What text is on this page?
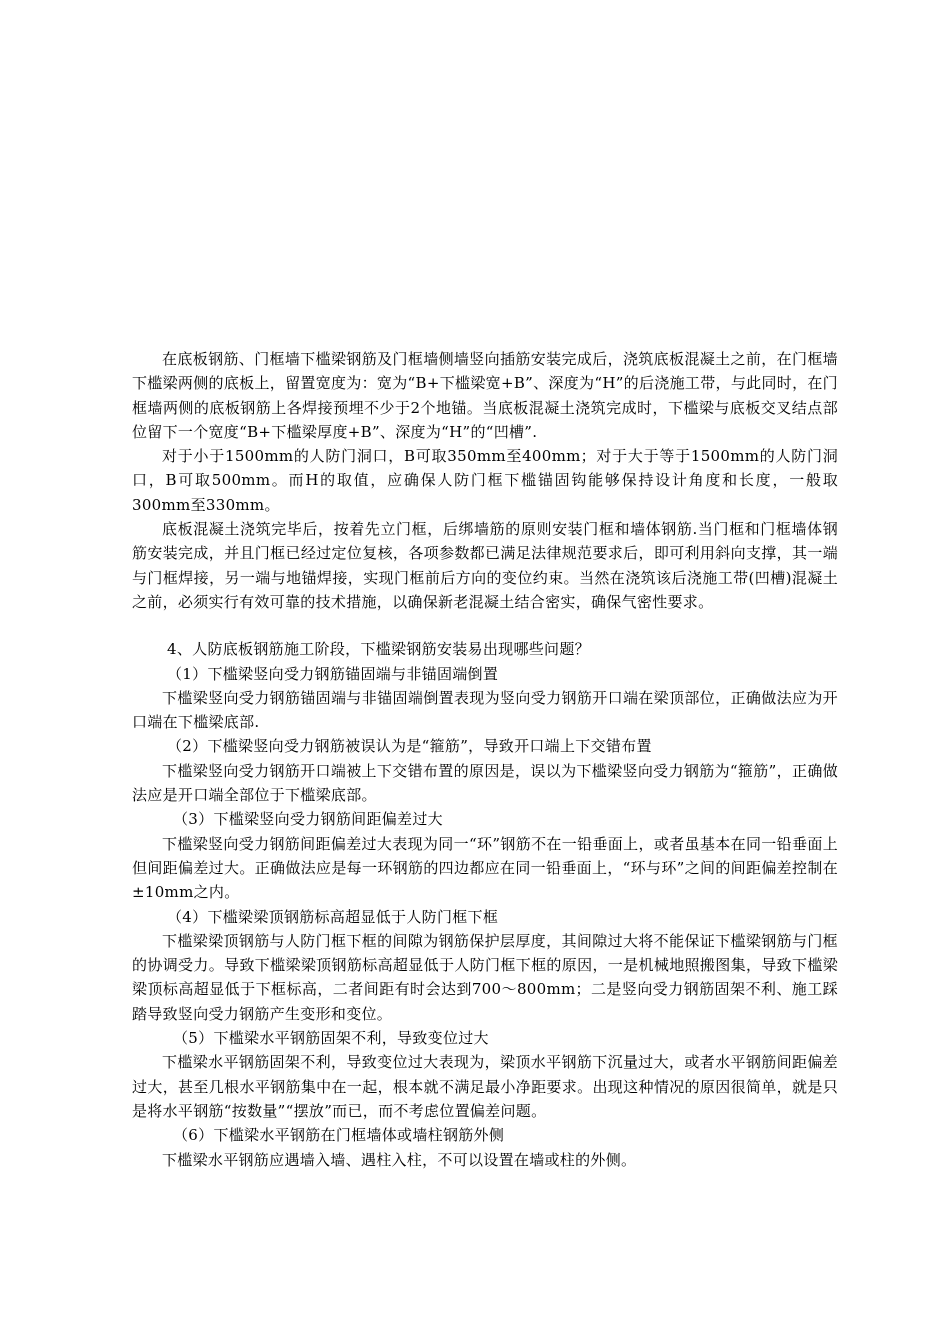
在底板钢筋、门框墙下槛梁钢筋及门框墙侧墙竖向插筋安装完成后，浇筑底板混凝土之前，在门框墙下槛梁两侧的底板上，留置宽度为：宽为“B+下槛梁宽+B”、深度为“H”的后浇施工带，与此同时，在门框墙两侧的底板钢筋上各焊接预埋不少于2个地锚。当底板混凝土浇筑完成时，下槛梁与底板交叉结点部位留下一个宽度“B+下槛梁厚度+B”、深度为“H”的“凹槽”.

对于小于1500mm的人防门洞口，B可取350mm至400mm；对于大于等于1500mm的人防门洞口，B可取500mm。而H的取值，应确保人防门框下槛锚固钩能够保持设计角度和长度，一般取300mm至330mm。

底板混凝土浇筑完毕后，按着先立门框，后绑墙筋的原则安装门框和墙体钢筋.当门框和门框墙体钢筋安装完成，并且门框已经过定位复核，各项参数都已满足法律规范要求后，即可利用斜向支撑，其一端与门框焊接，另一端与地锚焊接，实现门框前后方向的变位约束。当然在浇筑该后浇施工带(凹槽)混凝土之前，必须实行有效可靠的技术措施，以确保新老混凝土结合密实，确保气密性要求。

4、人防底板钢筋施工阶段，下槛梁钢筋安装易出现哪些问题？

（1）下槛梁竖向受力钢筋锚固端与非锚固端倒置

下槛梁竖向受力钢筋锚固端与非锚固端倒置表现为竖向受力钢筋开口端在梁顶部位，正确做法应为开口端在下槛梁底部.

（2）下槛梁竖向受力钢筋被误认为是“箍筋”，导致开口端上下交错布置

下槛梁竖向受力钢筋开口端被上下交错布置的原因是，误以为下槛梁竖向受力钢筋为“箍筋”，正确做法应是开口端全部位于下槛梁底部。

（3）下槛梁竖向受力钢筋间距偏差过大

下槛梁竖向受力钢筋间距偏差过大表现为同一“环”钢筋不在一铅垂面上，或者虽基本在同一铅垂面上但间距偏差过大。正确做法应是每一环钢筋的四边都应在同一铅垂面上，“环与环”之间的间距偏差控制在±10mm之内。

（4）下槛梁梁顶钢筋标高超显低于人防门框下框

下槛梁梁顶钢筋与人防门框下框的间隙为钢筋保护层厚度，其间隙过大将不能保证下槛梁钢筋与门框的协调受力。导致下槛梁梁顶钢筋标高超显低于人防门框下框的原因，一是机械地照搬图集，导致下槛梁梁顶标高超显低于下框标高，二者间距有时会达到700～800mm；二是竖向受力钢筋固架不利、施工踩踏导致竖向受力钢筋产生变形和变位。

（5）下槛梁水平钢筋固架不利，导致变位过大

下槛梁水平钢筋固架不利，导致变位过大表现为，梁顶水平钢筋下沉量过大，或者水平钢筋间距偏差过大，甚至几根水平钢筋集中在一起，根本就不满足最小净距要求。出现这种情况的原因很简单，就是只是将水平钢筋“按数量”“摆放”而已，而不考虑位置偏差问题。

（6）下槛梁水平钢筋在门框墙体或墙柱钢筋外侧

下槛梁水平钢筋应遇墙入墙、遇柱入柱，不可以设置在墙或柱的外侧。
